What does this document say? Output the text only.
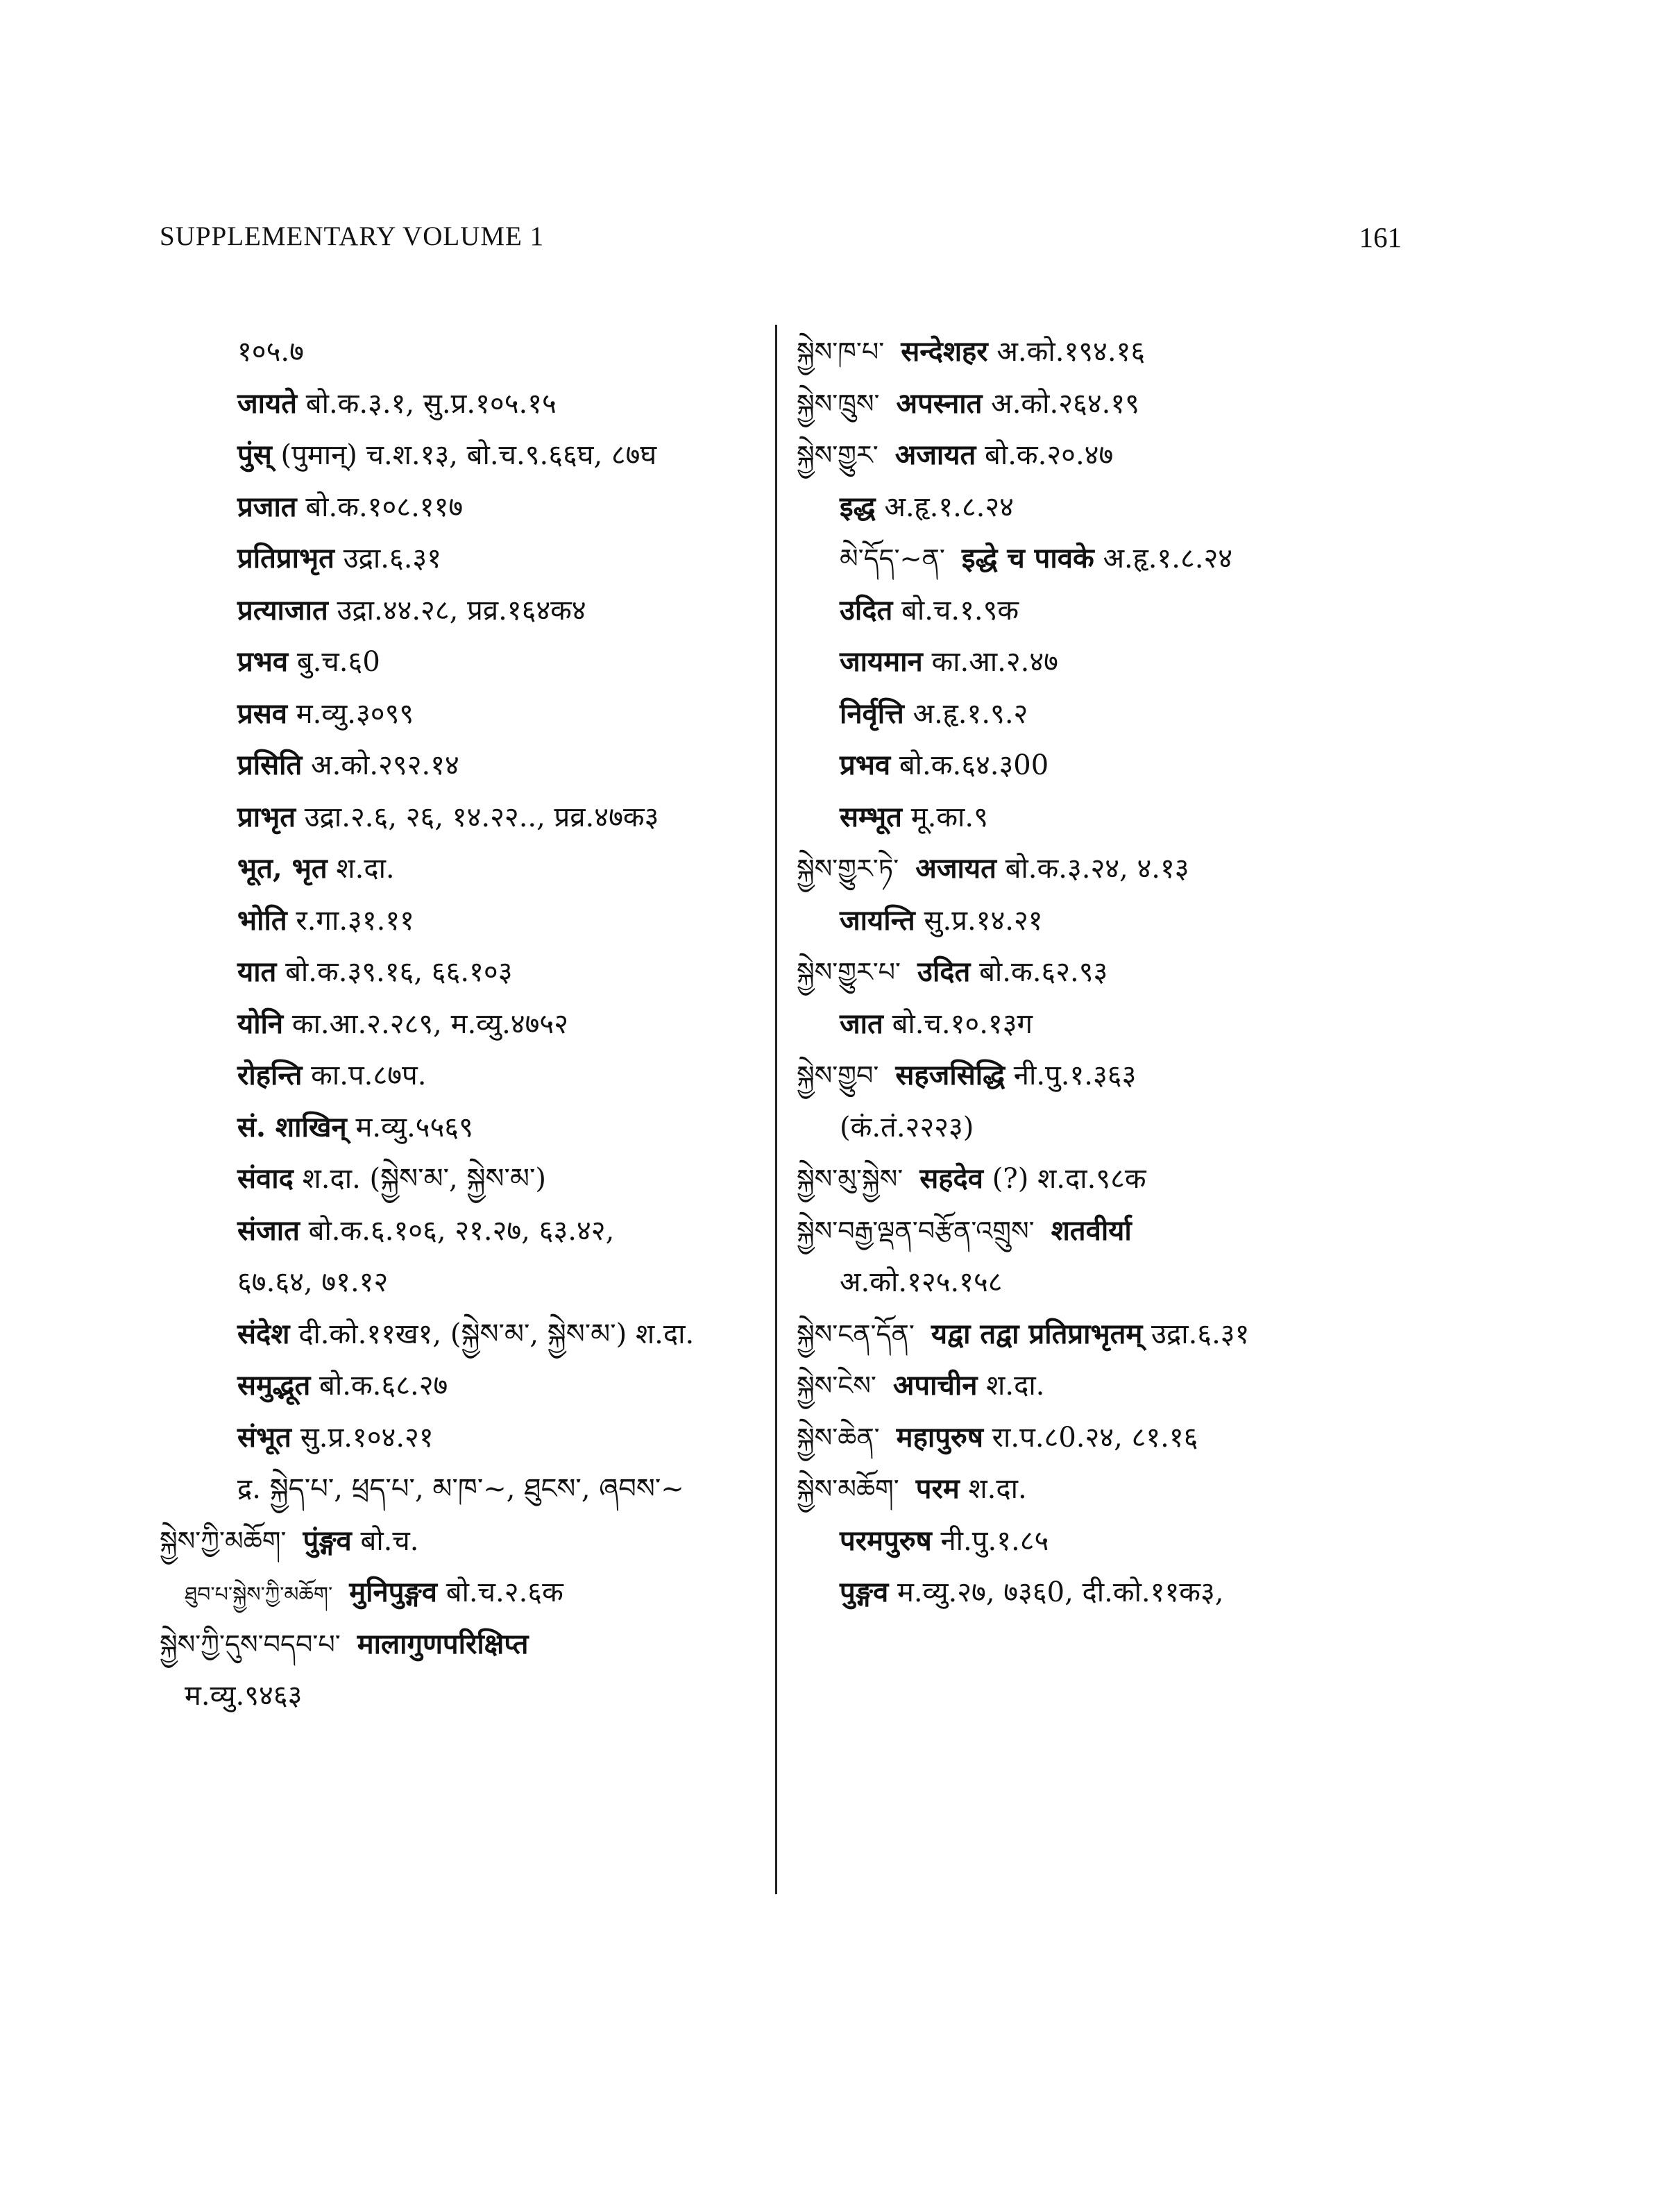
SUPPLEMENTARY VOLUME 1	161
१०५.७
जायते बो.क.३.१, सु.प्र.१०५.१५
पुंस् (पुमान्) च.श.१३, बो.च.९.६६घ, ८७घ
प्रजात बो.क.१०८.११७
प्रतिप्राभृत उद्रा.६.३१
प्रत्याजात उद्रा.४४.२८, प्रव्र.१६४क४
प्रभव बु.च.६0
प्रसव म.व्यु.३०९९
प्रसिति अ.को.२९२.१४
प्राभृत उद्रा.२.६, २६, १४.२२.., प्रव्र.४७क३
भूत, भृत श.दा.
भोति र.गा.३१.११
यात बो.क.३९.१६, ६६.१०३
योनि का.आ.२.२८९, म.व्यु.४७५२
रोहन्ति का.प.८७प.
सं. शाखिन् म.व्यु.५५६९
संवाद श.दा. (སྐྱེས་མ་, སྐྱེས་མ་)
संजात बो.क.६.१०६, २१.२७, ६३.४२,
६७.६४, ७१.१२
संदेश दी.को.११ख१, (སྐྱེས་མ་, སྐྱེས་མ་) श.दा.
समुद्भूत बो.क.६८.२७
संभूत सु.प्र.१०४.२१
द्र. སྐྱེད་པ་, ཕྲད་པ་, མ་ཁ་~, ཐུངས་, ཞབས་~
སྐྱེས་ཀྱི་མཆོག་ पुंङ्गव बो.च.
ཐུབ་པ་སྐྱེས་ཀྱི་མཆོག་ मुनिपुङ्गव बो.च.२.६क
སྐྱེས་ཀྱི་དུས་བདབ་པ་ मालागुणपरिक्षिप्त
म.व्यु.९४६३
སྐྱེས་ཁ་པ་ सन्देशहर अ.को.१९४.१६
སྐྱེས་ཁྲུས་ अपस्नात अ.को.२६४.१९
སྐྱེས་གྱུར་ अजायत बो.क.२०.४७
इद्ध अ.हृ.१.८.२४
མེ་དོད་~ན་ इद्धे च पावके अ.हृ.१.८.२४
उदित बो.च.१.९क
जायमान का.आ.२.४७
निर्वृत्ति अ.हृ.१.९.२
प्रभव बो.क.६४.३00
सम्भूत मू.का.९
སྐྱེས་གྱུར་ཏེ་ अजायत बो.क.३.२४, ४.१३
जायन्ति सु.प्र.१४.२१
སྐྱེས་གྱུར་པ་ उदित बो.क.६२.९३
जात बो.च.१०.१३ग
སྐྱེས་གྱུབ་ सहजसिद्धि नी.पु.१.३६३
(कं.तं.२२२३)
སྐྱེས་མུ་སྐྱེས་ सहदेव (?) श.दा.९८क
སྐྱེས་བརྒྱ་ལྡན་བརྩོན་འགྲུས་ शतवीर्या
अ.को.१२५.१५८
སྐྱེས་ངན་དོན་ यद्वा तद्वा प्रतिप्राभृतम् उद्रा.६.३१
སྐྱེས་ངེས་ अपाचीन श.दा.
སྐྱེས་ཆེན་ महापुरुष रा.प.८0.२४, ८१.१६
སྐྱེས་མཆོག་ परम श.दा.
परमपुरुष नी.पु.१.८५
पुङ्गव म.व्यु.२७, ७३६0, दी.को.११क३,
